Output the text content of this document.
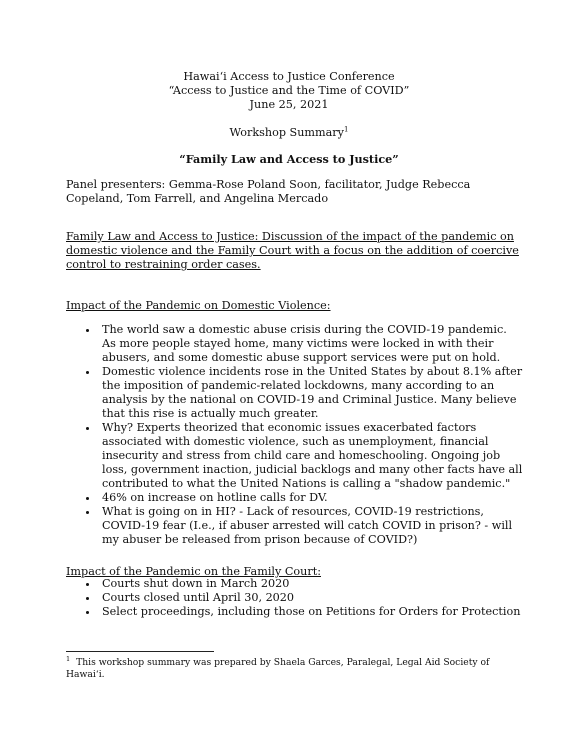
Hawaiʻi Access to Justice Conference
“Access to Justice and the Time of COVID”
June 25, 2021
Workshop Summary$^1$
“Family Law and Access to Justice”
Panel presenters: Gemma-Rose Poland Soon, facilitator, Judge Rebecca Copeland, Tom Farrell, and Angelina Mercado
Family Law and Access to Justice: Discussion of the impact of the pandemic on domestic violence and the Family Court with a focus on the addition of coercive control to restraining order cases.
Impact of the Pandemic on Domestic Violence:
The world saw a domestic abuse crisis during the COVID-19 pandemic. As more people stayed home, many victims were locked in with their abusers, and some domestic abuse support services were put on hold.
Domestic violence incidents rose in the United States by about 8.1% after the imposition of pandemic-related lockdowns, many according to an analysis by the national on COVID-19 and Criminal Justice. Many believe that this rise is actually much greater.
Why? Experts theorized that economic issues exacerbated factors associated with domestic violence, such as unemployment, financial insecurity and stress from child care and homeschooling. Ongoing job loss, government inaction, judicial backlogs and many other facts have all contributed to what the United Nations is calling a "shadow pandemic."
46% on increase on hotline calls for DV.
What is going on in HI? - Lack of resources, COVID-19 restrictions, COVID-19 fear (I.e., if abuser arrested will catch COVID in prison? - will my abuser be released from prison because of COVID?)
Impact of the Pandemic on the Family Court:
Courts shut down in March 2020
Courts closed until April 30, 2020
Select proceedings, including those on Petitions for Orders for Protection
$^1$ This workshop summary was prepared by Shaela Garces, Paralegal, Legal Aid Society of Hawaiʻi.
